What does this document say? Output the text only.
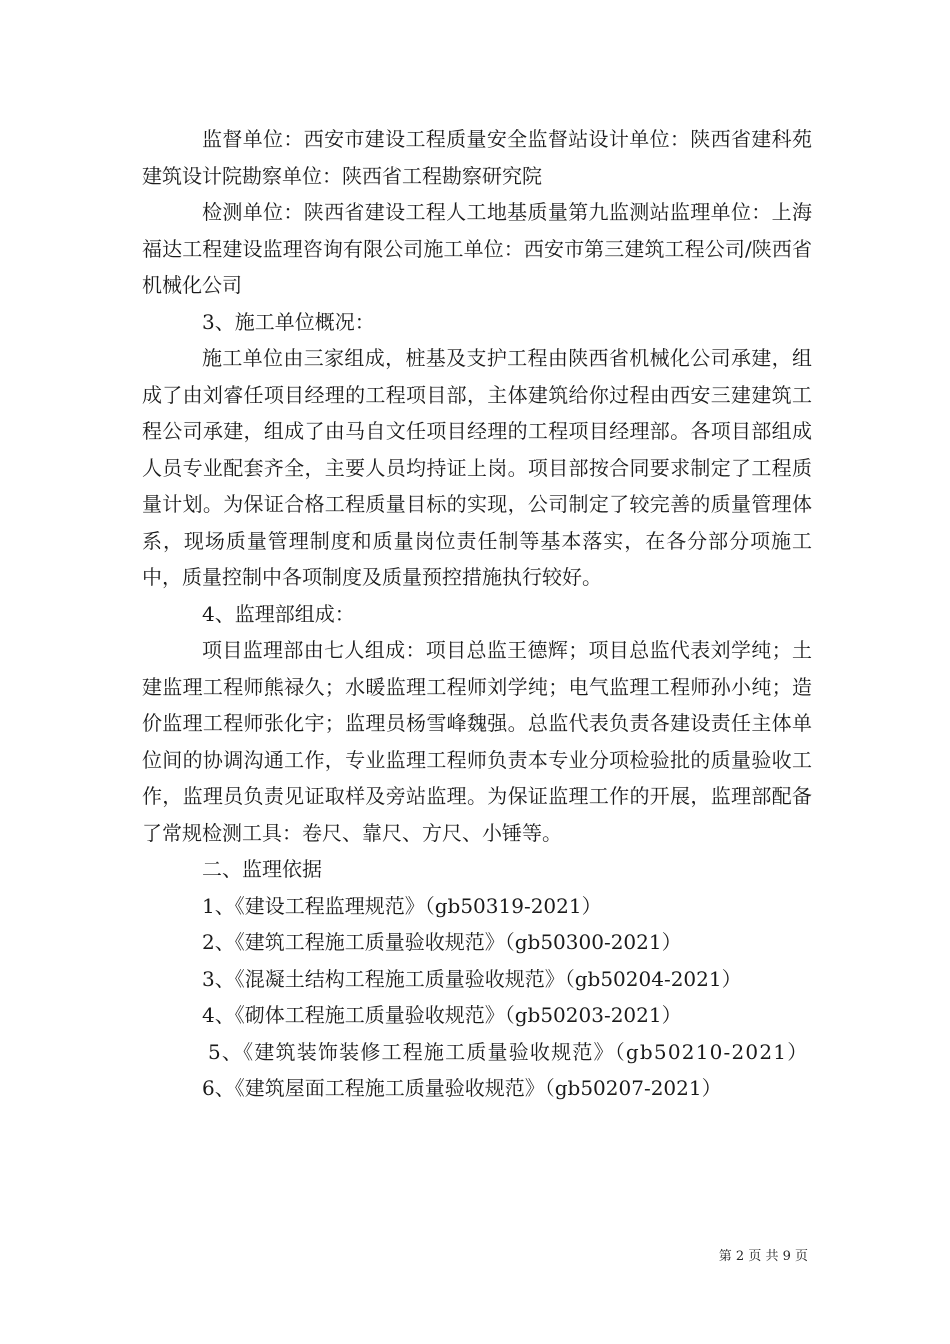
监督单位：西安市建设工程质量安全监督站设计单位：陕西省建科苑建筑设计院勘察单位：陕西省工程勘察研究院

检测单位：陕西省建设工程人工地基质量第九监测站监理单位：上海福达工程建设监理咨询有限公司施工单位：西安市第三建筑工程公司/陕西省机械化公司

3、施工单位概况：

施工单位由三家组成，桩基及支护工程由陕西省机械化公司承建，组成了由刘睿任项目经理的工程项目部，主体建筑给你过程由西安三建建筑工程公司承建，组成了由马自文任项目经理的工程项目经理部。各项目部组成人员专业配套齐全，主要人员均持证上岗。项目部按合同要求制定了工程质量计划。为保证合格工程质量目标的实现，公司制定了较完善的质量管理体系，现场质量管理制度和质量岗位责任制等基本落实，在各分部分项施工中，质量控制中各项制度及质量预控措施执行较好。

4、监理部组成：

项目监理部由七人组成：项目总监王德辉；项目总监代表刘学纯；土建监理工程师熊禄久；水暖监理工程师刘学纯；电气监理工程师孙小纯；造价监理工程师张化宇；监理员杨雪峰魏强。总监代表负责各建设责任主体单位间的协调沟通工作，专业监理工程师负责本专业分项检验批的质量验收工作，监理员负责见证取样及旁站监理。为保证监理工作的开展，监理部配备了常规检测工具：卷尺、靠尺、方尺、小锤等。

二、监理依据

1、《建设工程监理规范》（gb50319-2021）

2、《建筑工程施工质量验收规范》（gb50300-2021）

3、《混凝土结构工程施工质量验收规范》（gb50204-2021）

4、《砌体工程施工质量验收规范》（gb50203-2021）

5、《建筑装饰装修工程施工质量验收规范》（gb50210-2021）

6、《建筑屋面工程施工质量验收规范》（gb50207-2021）

第 2 页 共 9 页
